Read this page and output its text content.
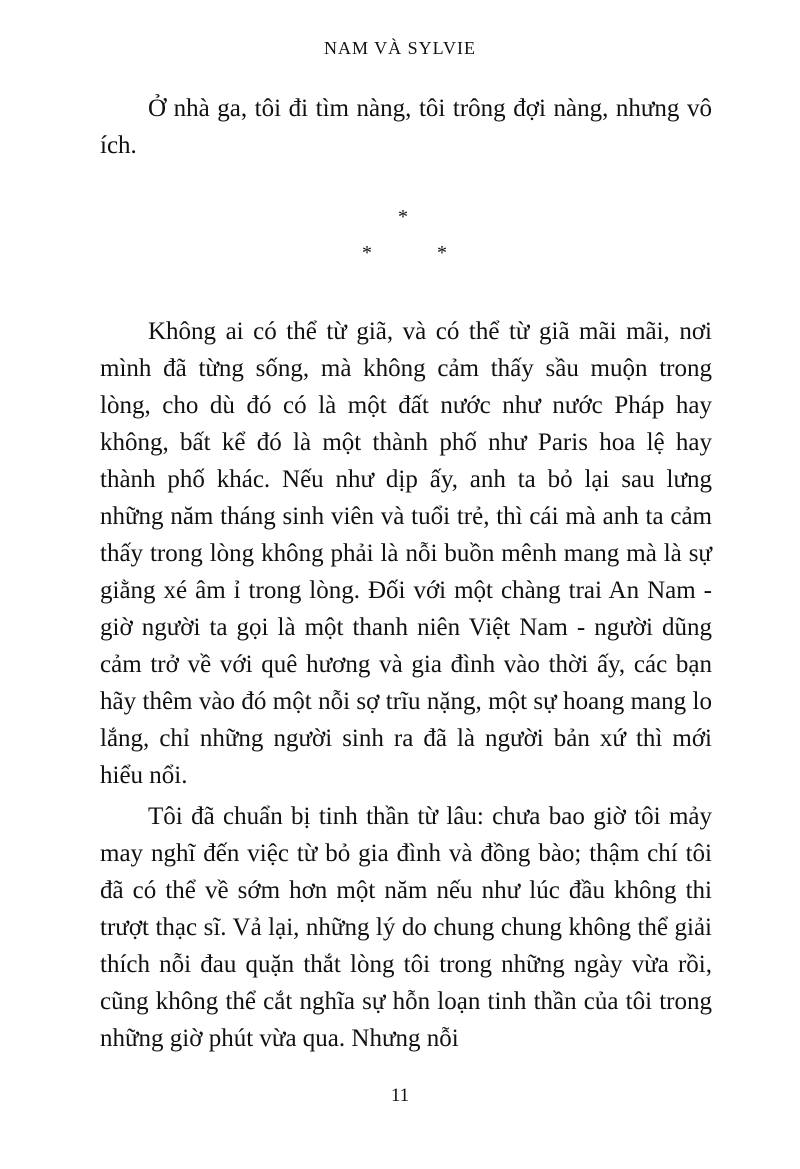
NAM VÀ SYLVIE

Ở nhà ga, tôi đi tìm nàng, tôi trông đợi nàng, nhưng vô ích.

*
*	*

Không ai có thể từ giã, và có thể từ giã mãi mãi, nơi mình đã từng sống, mà không cảm thấy sầu muộn trong lòng, cho dù đó có là một đất nước như nước Pháp hay không, bất kể đó là một thành phố như Paris hoa lệ hay thành phố khác. Nếu như dịp ấy, anh ta bỏ lại sau lưng những năm tháng sinh viên và tuổi trẻ, thì cái mà anh ta cảm thấy trong lòng không phải là nỗi buồn mênh mang mà là sự giằng xé âm ỉ trong lòng. Đối với một chàng trai An Nam - giờ người ta gọi là một thanh niên Việt Nam - người dũng cảm trở về với quê hương và gia đình vào thời ấy, các bạn hãy thêm vào đó một nỗi sợ trĩu nặng, một sự hoang mang lo lắng, chỉ những người sinh ra đã là người bản xứ thì mới hiểu nổi.

Tôi đã chuẩn bị tinh thần từ lâu: chưa bao giờ tôi mảy may nghĩ đến việc từ bỏ gia đình và đồng bào; thậm chí tôi đã có thể về sớm hơn một năm nếu như lúc đầu không thi trượt thạc sĩ. Vả lại, những lý do chung chung không thể giải thích nỗi đau quặn thắt lòng tôi trong những ngày vừa rồi, cũng không thể cắt nghĩa sự hỗn loạn tinh thần của tôi trong những giờ phút vừa qua. Nhưng nỗi

11
